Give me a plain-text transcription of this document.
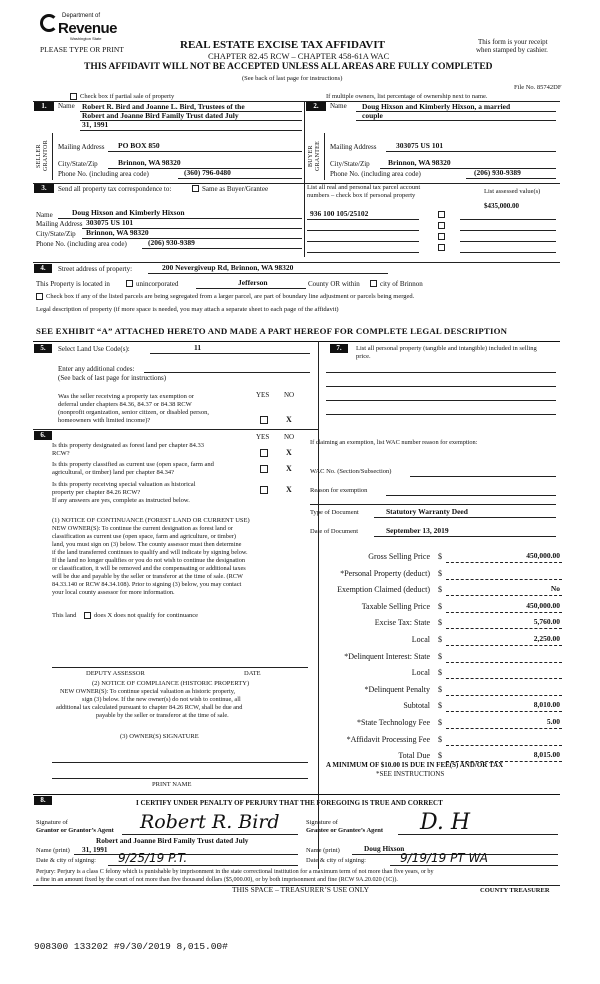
Department of
Revenue
Washington State
PLEASE TYPE OR PRINT	REAL ESTATE EXCISE TAX AFFIDAVIT
CHAPTER 82.45 RCW – CHAPTER 458-61A WAC
This form is your receipt
when stamped by cashier.
THIS AFFIDAVIT WILL NOT BE ACCEPTED UNLESS ALL AREAS ARE FULLY COMPLETED
(See back of last page for instructions)
File No. 85742DF
Check box if partial sale of property	If multiple owners, list percentage of ownership next to name.
1.	Name Robert R. Bird and Joanne L. Bird, Trustees of the
Robert and Joanne Bird Family Trust dated July
31, 1991
SELLER GRANTOR Mailing Address PO BOX 850
City/State/Zip	Brinnon, WA 98320
Phone No. (including area code)	(360) 796-0480
2.	Name Doug Hixson and Kimberly Hixson, a married
couple
BUYER GRANTEE Mailing Address	303075 US 101
City/State/Zip Brinnon, WA 98320
Phone No. (including area code)	(206) 930-9389
3.	Send all property tax correspondence to:	Same as Buyer/Grantee	List all real and personal tax parcel account
numbers – check box if personal property
List assessed value(s)
$435,000.00
936 100 105/25102
Name	Doug Hixson and Kimberly Hixson
Mailing Address 303075 US 101
City/State/Zip Brinnon, WA 98320
Phone No. (including area code)	(206) 930-9389
4.	Street address of property:	200 Nevergiveup Rd, Brinnon, WA 98320
This Property is located in	unincorporated	Jefferson	County OR within	city of Brinnon
Check box if any of the listed parcels are being segregated from a larger parcel, are part of boundary line adjustment or parcels being merged.
Legal description of property (if more space is needed, you may attach a separate sheet to each page of the affidavit)
SEE EXHIBIT “A” ATTACHED HERETO AND MADE A PART HEREOF FOR COMPLETE LEGAL DESCRIPTION
5.	Select Land Use Code(s):	11
Enter any additional codes:
(See back of last page for instructions)
YES NO
Was the seller receiving a property tax exemption or
deferral under chapters 84.36, 84.37 or 84.38 RCW
(nonprofit organization, senior citizen, or disabled person,
homeowners with limited income)?	X
6.	YES NO
Is this property designated as forest land per chapter 84.33
RCW?	X
Is this property classified as current use (open space, farm and
agricultural, or timber) land per chapter 84.34?	X
Is this property receiving special valuation as historical
property per chapter 84.26 RCW?
If any answers are yes, complete as instructed below.
X
(1) NOTICE OF CONTINUANCE (FOREST LAND OR CURRENT USE)
NEW OWNER(S): To continue the current designation as forest land or
classification as current use (open space, farm and agriculture, or timber)
land, you must sign on (3) below. The county assessor must then determine
if the land transferred continues to qualify and will indicate by signing below.
If the land no longer qualifies or you do not wish to continue the designation
or classification, it will be removed and the compensating or additional taxes
will be due and payable by the seller or transferor at the time of sale. (RCW
84.33.140 or RCW 84.34.108). Prior to signing (3) below, you may contact
your local county assessor for more information.
This land	does X does not qualify for continuance
DEPUTY ASSESSOR	DATE
(2) NOTICE OF COMPLIANCE (HISTORIC PROPERTY)
NEW OWNER(S): To continue special valuation as historic property,
sign (3) below. If the new owner(s) do not wish to continue, all
additional tax calculated pursuant to chapter 84.26 RCW, shall be due and
payable by the seller or transferor at the time of sale.
(3) OWNER(S) SIGNATURE
PRINT NAME
7.	List all personal property (tangible and intangible) included in selling
price.
If claiming an exemption, list WAC number reason for exemption:
WAC No. (Section/Subsection)
Reason for exemption
Type of Document	Statutory Warranty Deed
Date of Document	September 13, 2019
Gross Selling Price $	450,000.00
*Personal Property (deduct) $
Exemption Claimed (deduct) $	No
Taxable Selling Price $	450,000.00
Excise Tax: State $	5,760.00
Local $	2,250.00
*Delinquent Interest: State $
Local $
*Delinquent Penalty $
Subtotal $	8,010.00
*State Technology Fee $	5.00
*Affidavit Processing Fee $
Total Due $	8,015.00
A MINIMUM OF $10.00 IS DUE IN FEE(S) AND/OR TAX
*SEE INSTRUCTIONS
8.	I CERTIFY UNDER PENALTY OF PERJURY THAT THE FOREGOING IS TRUE AND CORRECT
Signature of
Grantor or Grantor’s Agent Robert R. Bird
Robert and Joanne Bird Family Trust dated July
Name (print) 31, 1991
Date & city of signing: 9/25/19 P.T.
Signature of
Grantee or Grantee’s Agent D. H
Name (print)	Doug Hixson
Date & city of signing:	9/19/19 PT WA
Perjury: Perjury is a class C felony which is punishable by imprisonment in the state correctional institution for a maximum term of not more than five years, or by
a fine in an amount fixed by the court of not more than five thousand dollars ($5,000.00), or by both imprisonment and fine (RCW 9A.20.020 (1C)).
THIS SPACE – TREASURER’S USE ONLY	COUNTY TREASURER
908300 133202 #9/30/2019 8,015.00#
